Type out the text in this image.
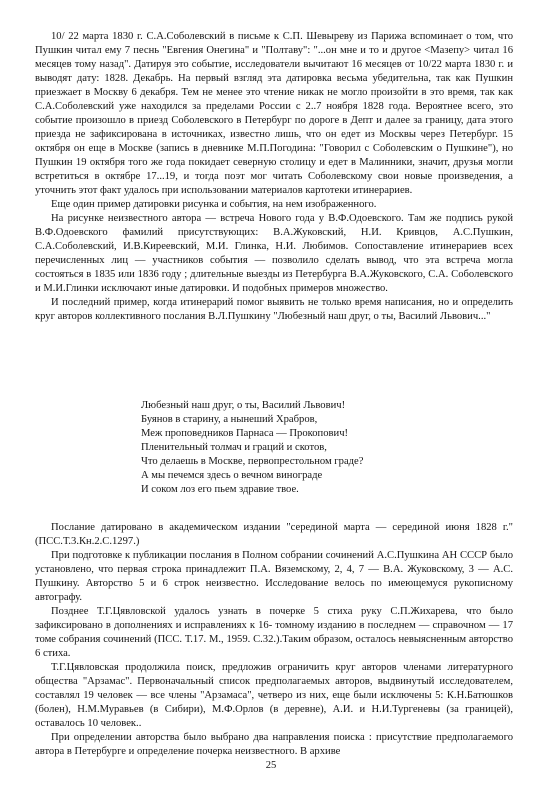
10/ 22 марта 1830 г. С.А.Соболевский в письме к С.П. Шевыреву из Парижа вспоминает о том, что Пушкин читал ему 7 песнь "Евгения Онегина" и "Полтаву": "...он мне и то и другое <Мазепу> читал 16 месяцев тому назад". Датируя это событие, исследователи вычитают 16 месяцев от 10/22 марта 1830 г. и выводят дату: 1828. Декабрь. На первый взгляд эта датировка весьма убедительна, так как Пушкин приезжает в Москву 6 декабря. Тем не менее это чтение никак не могло произойти в это время, так как С.А.Соболевский уже находился за пределами России с 2..7 ноября 1828 года. Вероятнее всего, это событие произошло в приезд Соболевского в Петербург по дороге в Депт и далее за границу, дата этого приезда не зафиксирована в источниках, известно лишь, что он едет из Москвы через Петербург. 15 октября он еще в Москве (запись в дневнике М.П.Погодина: "Говорил с Соболевским о Пушкине"), но Пушкин 19 октября того же года покидает северную столицу и едет в Малинники, значит, друзья могли встретиться в октябре 17...19, и тогда поэт мог читать Соболевскому свои новые произведения, а уточнить этот факт удалось при использовании материалов картотеки итинерариев.

Еще один пример датировки рисунка и события, на нем изображенного.

На рисунке неизвестного автора — встреча Нового года у В.Ф.Одоевского. Там же подпись рукой В.Ф.Одоевского фамилий присутствующих: В.А.Жуковский, Н.И. Кривцов, А.С.Пушкин, С.А.Соболевский, И.В.Киреевский, М.И. Глинка, Н.И. Любимов. Сопоставление итинерариев всех перечисленных лиц — участников события — позволило сделать вывод, что эта встреча могла состояться в 1835 или 1836 году ; длительные выезды из Петербурга В.А.Жуковского, С.А. Соболевского и М.И.Глинки исключают иные датировки. И подобных примеров множество.

И последний пример, когда итинерарий помог выявить не только время написания, но и определить круг авторов коллективного послания В.Л.Пушкину "Любезный наш друг, о ты, Василий Львович..."

Любезный наш друг, о ты, Василий Львович!
Буянов в старину, а нынеший Храбров,
Меж проповедников Парнаса — Прокопович!
Пленительный толмач и граций и скотов,
Что делаешь в Москве, первопрестольном граде?
А мы печемся здесь о вечном винограде
И соком лоз его пьем здравие твое.

Послание датировано в академическом издании "серединой марта — серединой июня 1828 г." (ПСС.Т.3.Кн.2.С.1297.)

При подготовке к публикации послания в Полном собрании сочинений А.С.Пушкина АН СССР было установлено, что первая строка принадлежит П.А. Вяземскому, 2, 4, 7 — В.А. Жуковскому, 3 — А.С. Пушкину. Авторство 5 и 6 строк неизвестно. Исследование велось по имеющемуся рукописному автографу.

Позднее Т.Г.Цявловской удалось узнать в почерке 5 стиха руку С.П.Жихарева, что было зафиксировано в дополнениях и исправлениях к 16- томному изданию в последнем — справочном — 17 томе собрания сочинений (ПСС. Т.17. М., 1959. С.32.).Таким образом, осталось невыясненным авторство 6 стиха.

Т.Г.Цявловская продолжила поиск, предложив ограничить круг авторов членами литературного общества "Арзамас". Первоначальный список предполагаемых авторов, выдвинутый исследователем, составлял 19 человек — все члены "Арзамаса", четверо из них, еще были исключены 5: К.Н.Батюшков (болен), Н.М.Муравьев (в Сибири), М.Ф.Орлов (в деревне), А.И. и Н.И.Тургеневы (за границей), оставалось 10 человек..

При определении авторства было выбрано два направления поиска : присутствие предполагаемого автора в Петербурге и определение почерка неизвестного. В архиве

25
